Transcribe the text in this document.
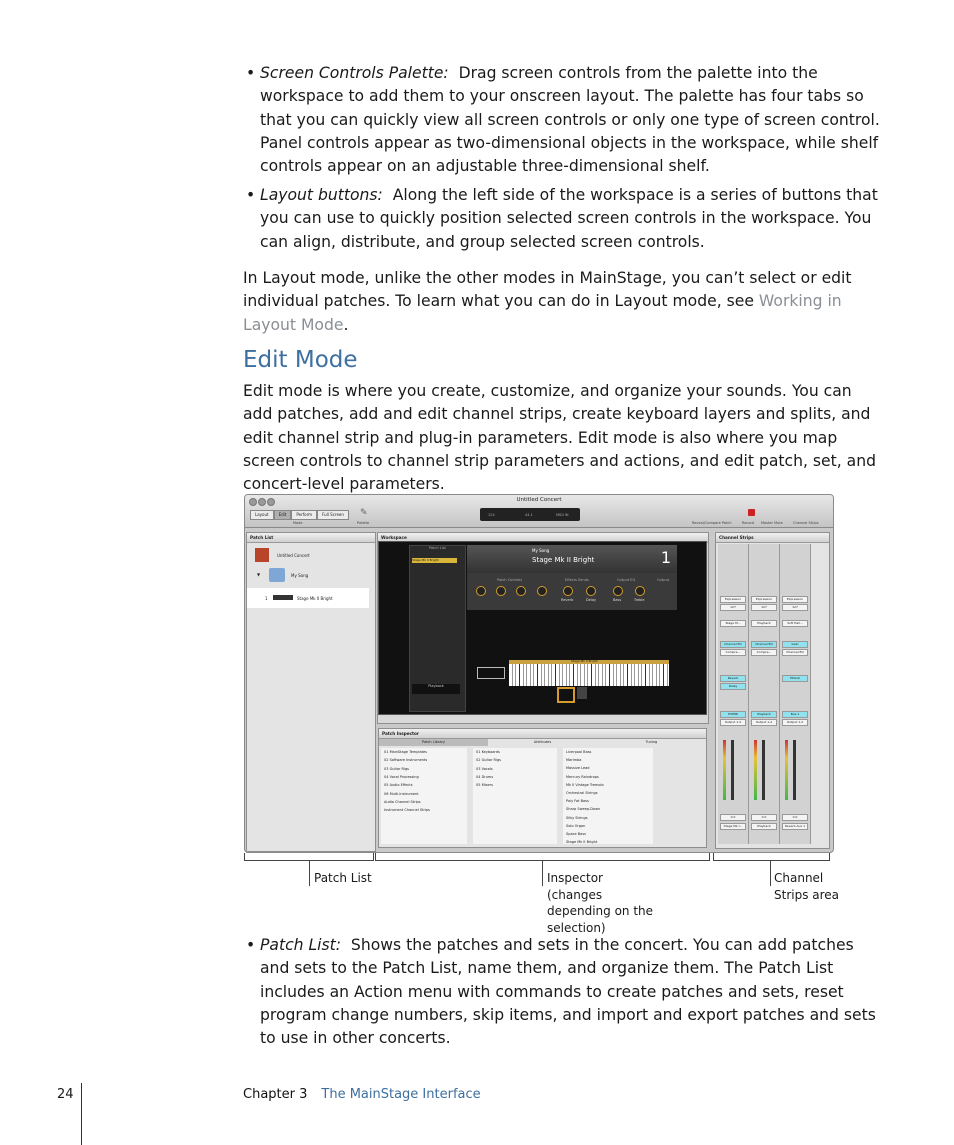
• Screen Controls Palette: Drag screen controls from the palette into the workspace to add them to your onscreen layout. The palette has four tabs so that you can quickly view all screen controls or only one type of screen control. Panel controls appear as two-dimensional objects in the workspace, while shelf controls appear on an adjustable three-dimensional shelf.
• Layout buttons: Along the left side of the workspace is a series of buttons that you can use to quickly position selected screen controls in the workspace. You can align, distribute, and group selected screen controls.
In Layout mode, unlike the other modes in MainStage, you can’t select or edit individual patches. To learn what you can do in Layout mode, see Working in Layout Mode.
Edit Mode
Edit mode is where you create, customize, and organize your sounds. You can add patches, add and edit channel strips, create keyboard layers and splits, and edit channel strip and plug-in parameters. Edit mode is also where you map screen controls to channel strip parameters and actions, and edit patch, set, and concert-level parameters.
Untitled Concert
Layout	Edit	Perform	Full Screen
Mode
✎
Palette
124	44.1	MIDI IN
Reveal/Compare Patch	Record Master Mute	Channel Strips
Patch List
Untitled Concert
▼	My Song
1	Stage Mk II Bright
Workspace
Patch List
Stage Mk II Bright
Playback
My Song
Stage Mk II Bright	1
Patch Controls	Effects Sends	Output EQ	Output
Reverb	Delay	Bass	Treble
Stage Mk II Bright
Patch Inspector
Patch Library	Attributes	Tuning
01 MainStage Templates
02 Software Instruments
03 Guitar Rigs
04 Vocal Processing
05 Audio Effects
06 Multi-Instrument
Audio Channel Strips
Instrument Channel Strips
01 Keyboards
02 Guitar Rigs
03 Vocals
04 Drums
05 Mixers
Liverpool Bass
Marimba
Massive Lead
Mercury Raindrops
Mk II Vintage Tremolo
Orchestral Strings
Poly Fat Bass
Sharp Sweep-Down
Silky Strings
Solo Organ
Space Bass
Stage Mk II Bright
Channel Strips
Expression
127
Stage M...
Channel EQ
Compre...
Reverb
Delay
EVP88
Output 1-2
0.0
Stage Mk I...
Expression
127
Playback
Channel EQ
Compre...
Playback
Output 1-2
0.0
Playback
Expression
127
Soft Hall...
Gain
Channel EQ
PtVerb
Bus 1
Output 1-2
0.0
Reverb Aux 1
Patch List	Inspector (changes depending on the selection)
Channel Strips area
• Patch List: Shows the patches and sets in the concert. You can add patches and sets to the Patch List, name them, and organize them. The Patch List includes an Action menu with commands to create patches and sets, reset program change numbers, skip items, and import and export patches and sets to use in other concerts.
24	Chapter 3 The MainStage Interface
